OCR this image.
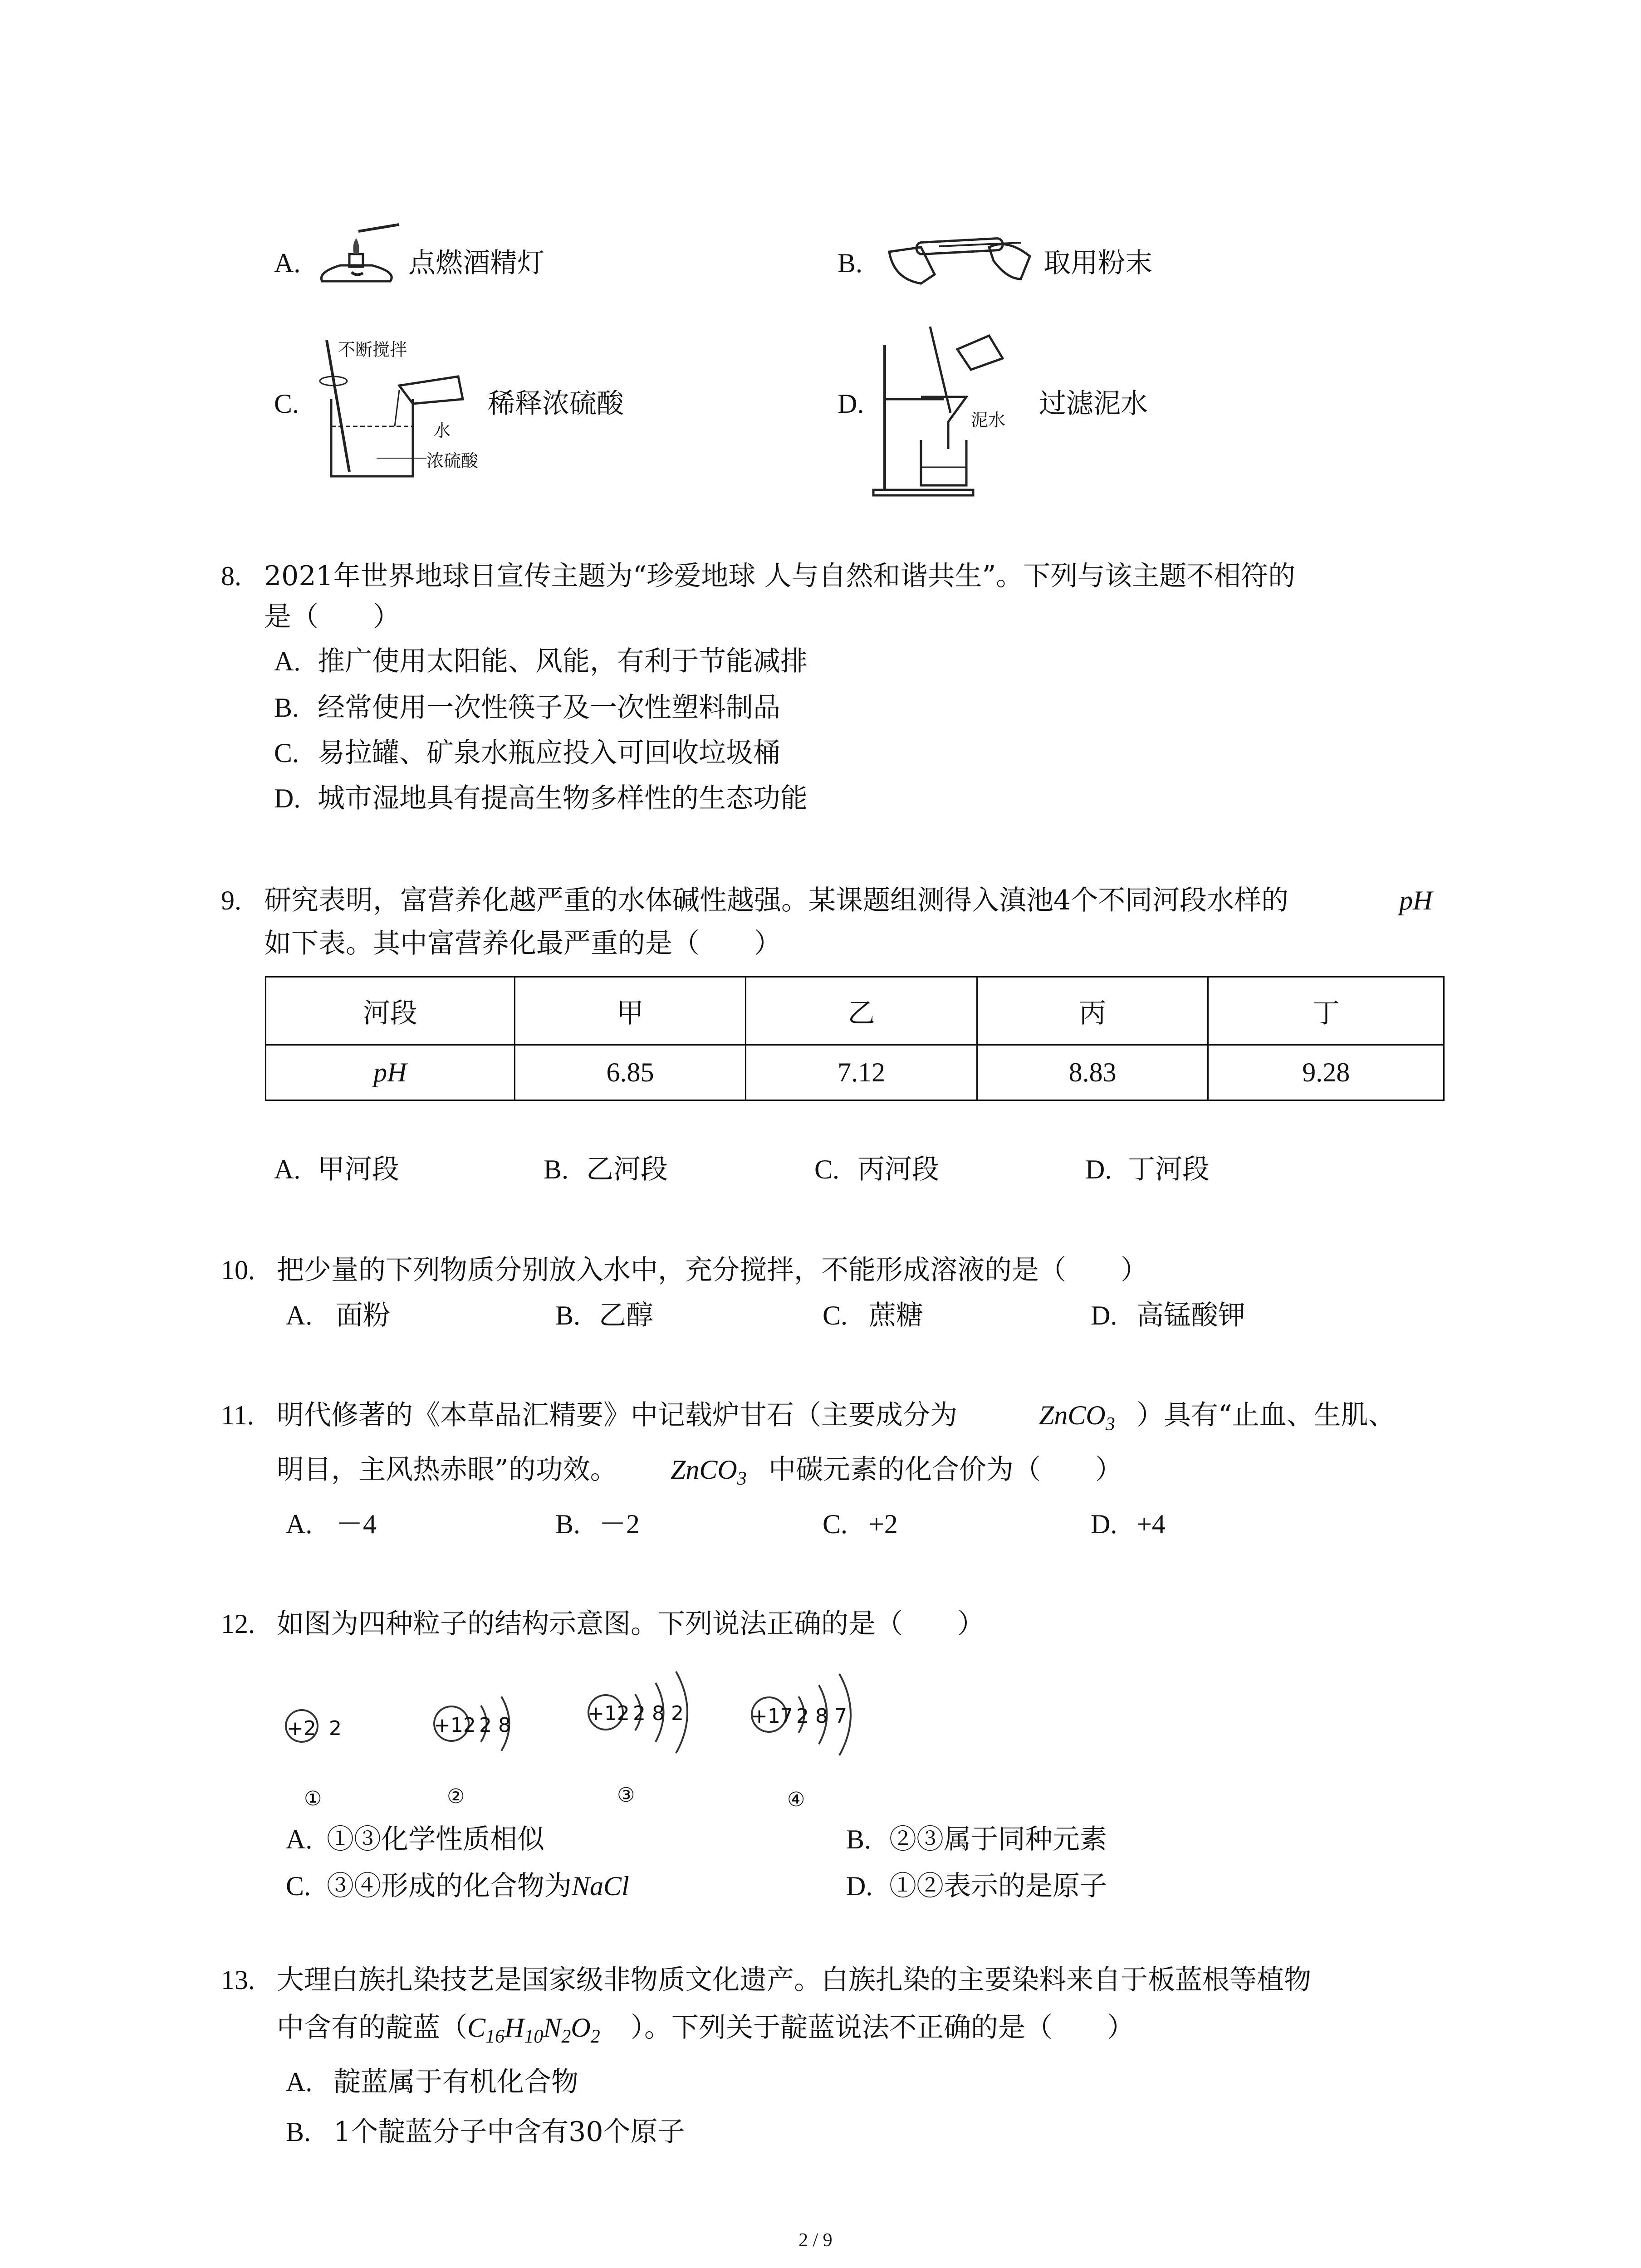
A.	点燃酒精灯	B.	取用粉末
C.
不断搅拌
水
浓硫酸
稀释浓硫酸	D.
泥水
过滤泥水
8. 2021年世界地球日宣传主题为“珍爱地球 人与自然和谐共生”。下列与该主题不相符的
是（　　）
A. 推广使用太阳能、风能，有利于节能减排
B. 经常使用一次性筷子及一次性塑料制品
C. 易拉罐、矿泉水瓶应投入可回收垃圾桶
D. 城市湿地具有提高生物多样性的生态功能
9. 研究表明，富营养化越严重的水体碱性越强。某课题组测得入滇池4个不同河段水样的	pH
如下表。其中富营养化最严重的是（　　）
河段	甲	乙	丙	丁
pH	6.85	7.12	8.83	9.28
A. 甲河段	B. 乙河段	C. 丙河段	D. 丁河段
10. 把少量的下列物质分别放入水中，充分搅拌，不能形成溶液的是（　　）
A. 面粉	B. 乙醇	C. 蔗糖	D. 高锰酸钾
11. 明代修著的《本草品汇精要》中记载炉甘石（主要成分为	ZnCO$_3$ ）具有“止血、生肌、
明目，主风热赤眼”的功效。 ZnCO$_3$ 中碳元素的化合价为（　　）
A. －4	B. －2	C. +2	D. +4
12. 如图为四种粒子的结构示意图。下列说法正确的是（　　）
+2 2
①
+12 2 8
②
+12 2 8 2
③
+17 2 8 7
④
A. ①③化学性质相似	B. ②③属于同种元素
C. ③④形成的化合物为NaCl	D. ①②表示的是原子
13. 大理白族扎染技艺是国家级非物质文化遗产。白族扎染的主要染料来自于板蓝根等植物
中含有的靛蓝（ $C_{16}H_{10}N_2O_2$ ）。下列关于靛蓝说法不正确的是（　　）
A. 靛蓝属于有机化合物
B. 1个靛蓝分子中含有30个原子
2 / 9
